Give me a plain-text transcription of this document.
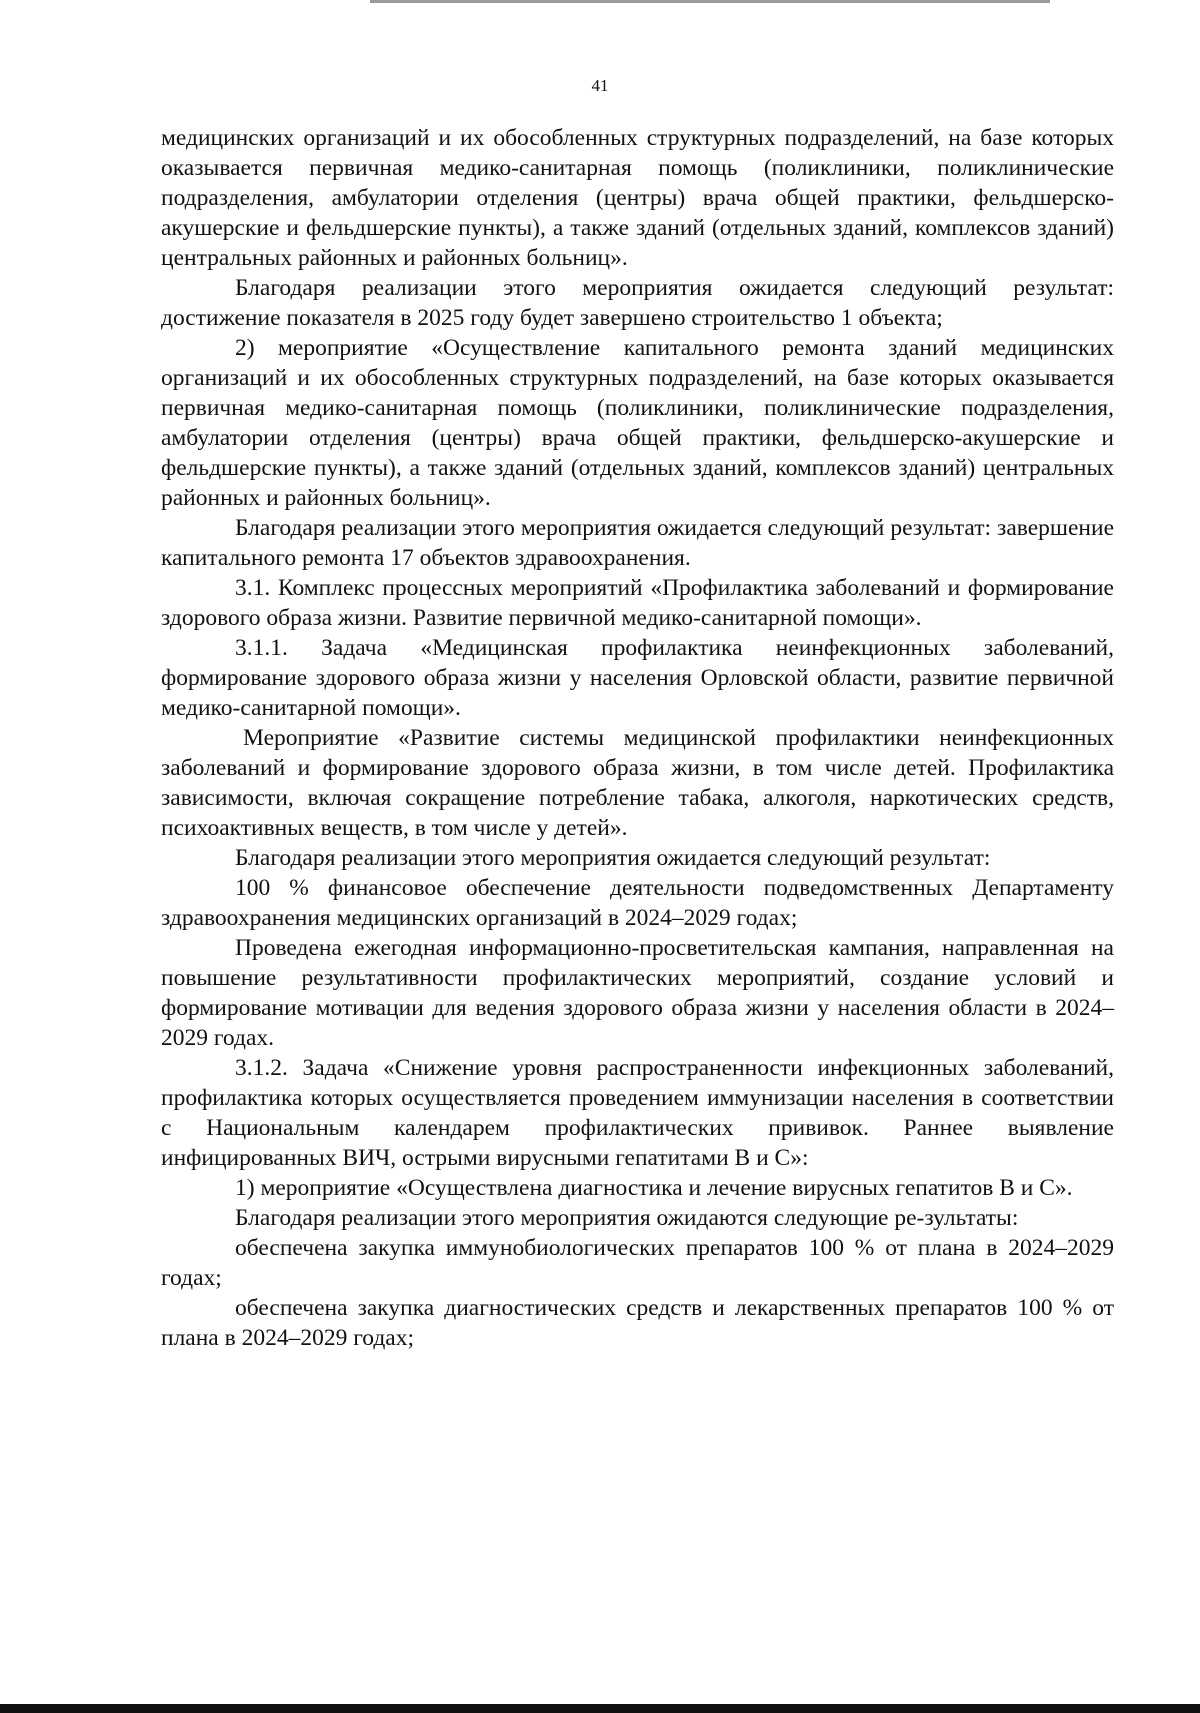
41

медицинских организаций и их обособленных структурных подразделений, на базе которых оказывается первичная медико-санитарная помощь (поликлиники, поликлинические подразделения, амбулатории отделения (центры) врача общей практики, фельдшерско-акушерские и фельдшерские пункты), а также зданий (отдельных зданий, комплексов зданий) центральных районных и районных больниц».

Благодаря реализации этого мероприятия ожидается следующий результат: достижение показателя в 2025 году будет завершено строительство 1 объекта;

2) мероприятие «Осуществление капитального ремонта зданий медицинских организаций и их обособленных структурных подразделений, на базе которых оказывается первичная медико-санитарная помощь (поликлиники, поликлинические подразделения, амбулатории отделения (центры) врача общей практики, фельдшерско-акушерские и фельдшерские пункты), а также зданий (отдельных зданий, комплексов зданий) центральных районных и районных больниц».

Благодаря реализации этого мероприятия ожидается следующий результат: завершение капитального ремонта 17 объектов здравоохранения.

3.1. Комплекс процессных мероприятий «Профилактика заболеваний и формирование здорового образа жизни. Развитие первичной медико-санитарной помощи».

3.1.1. Задача «Медицинская профилактика неинфекционных заболеваний, формирование здорового образа жизни у населения Орловской области, развитие первичной медико-санитарной помощи».

Мероприятие «Развитие системы медицинской профилактики неинфекционных заболеваний и формирование здорового образа жизни, в том числе детей. Профилактика зависимости, включая сокращение потребление табака, алкоголя, наркотических средств, психоактивных веществ, в том числе у детей».

Благодаря реализации этого мероприятия ожидается следующий результат:

100 % финансовое обеспечение деятельности подведомственных Департаменту здравоохранения медицинских организаций в 2024–2029 годах;

Проведена ежегодная информационно-просветительская кампания, направленная на повышение результативности профилактических мероприятий, создание условий и формирование мотивации для ведения здорового образа жизни у населения области в 2024–2029 годах.

3.1.2. Задача «Снижение уровня распространенности инфекционных заболеваний, профилактика которых осуществляется проведением иммунизации населения в соответствии с Национальным календарем профилактических прививок. Раннее выявление инфицированных ВИЧ, острыми вирусными гепатитами В и С»:

1) мероприятие «Осуществлена диагностика и лечение вирусных гепатитов В и С».

Благодаря реализации этого мероприятия ожидаются следующие ре-зультаты:

обеспечена закупка иммунобиологических препаратов 100 % от плана в 2024–2029 годах;

обеспечена закупка диагностических средств и лекарственных препаратов 100 % от плана в 2024–2029 годах;
